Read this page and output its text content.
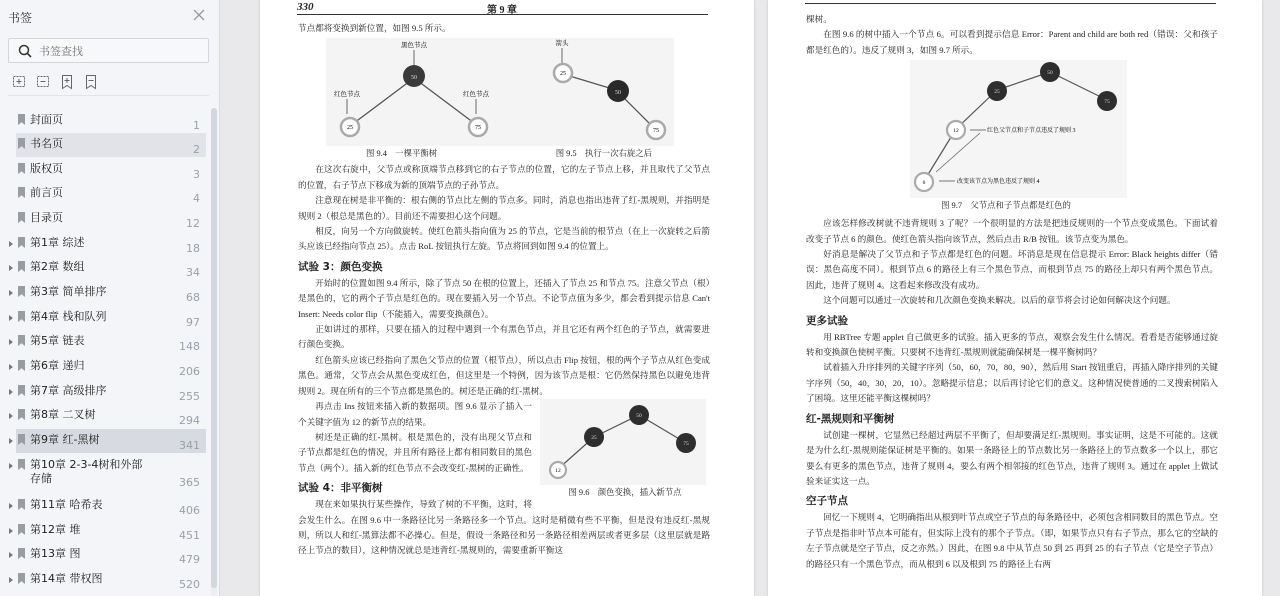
书签
书签查找
封面页	1
书名页	2
版权页	3
前言页	4
目录页	12
第1章 综述	18
第2章 数组	34
第3章 简单排序	68
第4章 栈和队列	97
第5章 链表	148
第6章 递归	206
第7章 高级排序	255
第8章 二叉树	294
第9章 红-黑树	341
第10章 2-3-4树和外部存储	365
第11章 哈希表	406
第12章 堆	451
第13章 图	479
第14章 带权图	520
330	第 9 章

节点都将变换到新位置，如图 9.5 所示。

黑色节点
红色节点	红色节点
50
25	75
箭头
25
50
75
图 9.4　一棵平衡树	图 9.5　执行一次右旋之后

在这次右旋中，父节点或称顶端节点移到它的右子节点的位置，它的左子节点上移，并且取代了父节点的位置，右子节点下移成为新的顶端节点的子孙节点。

注意现在树是非平衡的：根右侧的节点比左侧的节点多。同时，消息也指出违背了红-黑规则，并指明是规则 2（根总是黑色的）。目前还不需要担心这个问题。

相反，向另一个方向做旋转。使红色箭头指向值为 25 的节点，它是当前的根节点（在上一次旋转之后箭头应该已经指向节点 25）。点击 RoL 按钮执行左旋。节点将回到如图 9.4 的位置上。

试验 3：颜色变换

开始时的位置如图 9.4 所示，除了节点 50 在根的位置上，还插入了节点 25 和节点 75。注意父节点（根）是黑色的，它的两个子节点是红色的。现在要插入另一个节点。不论节点值为多少，都会看到提示信息 Can't Insert: Needs color flip（不能插入，需要变换颜色）。

正如讲过的那样，只要在插入的过程中遇到一个有黑色节点，并且它还有两个红色的子节点，就需要进行颜色变换。

红色箭头应该已经指向了黑色父节点的位置（根节点），所以点击 Flip 按钮，根的两个子节点从红色变成黑色。通常，父节点会从黑色变成红色，但这里是一个特例，因为该节点是根：它仍然保持黑色以避免违背规则 2。现在所有的三个节点都是黑色的。树还是正确的红-黑树。

50
25
75
12
图 9.6　颜色变换，插入新节点

再点击 Ins 按钮来插入新的数据项。图 9.6 显示了插入一个关键字值为 12 的新节点的结果。

树还是正确的红-黑树。根是黑色的，没有出现父节点和子节点都是红色的情况，并且所有路径上都有相同数目的黑色节点（两个）。插入新的红色节点不会改变红-黑树的正确性。

试验 4：非平衡树

现在来如果执行某些操作，导致了树的不平衡，这时，将会发生什么。在图 9.6 中一条路径比另一条路径多一个节点。这时是稍微有些不平衡，但是没有违反红-黑规则，所以人和红-黑算法都不必操心。但是，假设一条路径和另一条路径相差两层或者更多层（这里层就是路径上节点的数目），这种情况就总是违背红-黑规则的，需要重新平衡这

棵树。

在图 9.6 的树中插入一个节点 6。可以看到提示信息 Error：Parent and child are both red（错误：父和孩子都是红色的）。违反了规则 3，如图 9.7 所示。

50
25
75
12
6
红色父节点和子节点违反了规则 3
改变该节点为黑色违反了规则 4
图 9.7　父节点和子节点都是红色的

应该怎样修改树就不违背规则 3 了呢？一个很明显的方法是把违反规则的一个节点变成黑色。下面试着改变子节点 6 的颜色。使红色箭头指向该节点，然后点击 R/B 按钮。该节点变为黑色。

好消息是解决了父节点和子节点都是红色的问题。坏消息是现在信息提示 Error: Black heights differ（错误：黑色高度不同）。根到节点 6 的路径上有三个黑色节点，而根到节点 75 的路径上却只有两个黑色节点。因此，违背了规则 4。这看起来修改没有成功。

这个问题可以通过一次旋转和几次颜色变换来解决。以后的章节将会讨论如何解决这个问题。

更多试验

用 RBTree 专题 applet 自己做更多的试验。插入更多的节点，观察会发生什么情况。看看是否能够通过旋转和变换颜色使树平衡。只要树不违背红-黑规则就能确保树是一棵平衡树吗？

试着插入升序排列的关键字序列（50，60，70，80，90），然后用 Start 按钮重启，再插入降序排列的关键字序列（50，40，30，20，10）。忽略提示信息；以后再讨论它们的意义。这种情况使普通的二叉搜索树陷入了困境。这里还能平衡这棵树吗？

红-黑规则和平衡树

试创建一棵树，它显然已经超过两层不平衡了，但却要满足红-黑规则。事实证明，这是不可能的。这就是为什么红-黑规则能保证树是平衡的。如果一条路径上的节点数比另一条路径上的节点数多一个以上，那它要么有更多的黑色节点，违背了规则 4，要么有两个相邻接的红色节点，违背了规则 3。通过在 applet 上做试验来证实这一点。

空子节点

回忆一下规则 4，它明确指出从根到叶节点或空子节点的每条路径中，必须包含相同数目的黑色节点。空子节点是指非叶节点本可能有，但实际上没有的那个子节点。（即，如果节点只有右子节点，那么它的空缺的左子节点就是空子节点，反之亦然。）因此，在图 9.8 中从节点 50 到 25 再到 25 的右子节点（它是空子节点）的路径只有一个黑色节点，而从根到 6 以及根到 75 的路径上右两
